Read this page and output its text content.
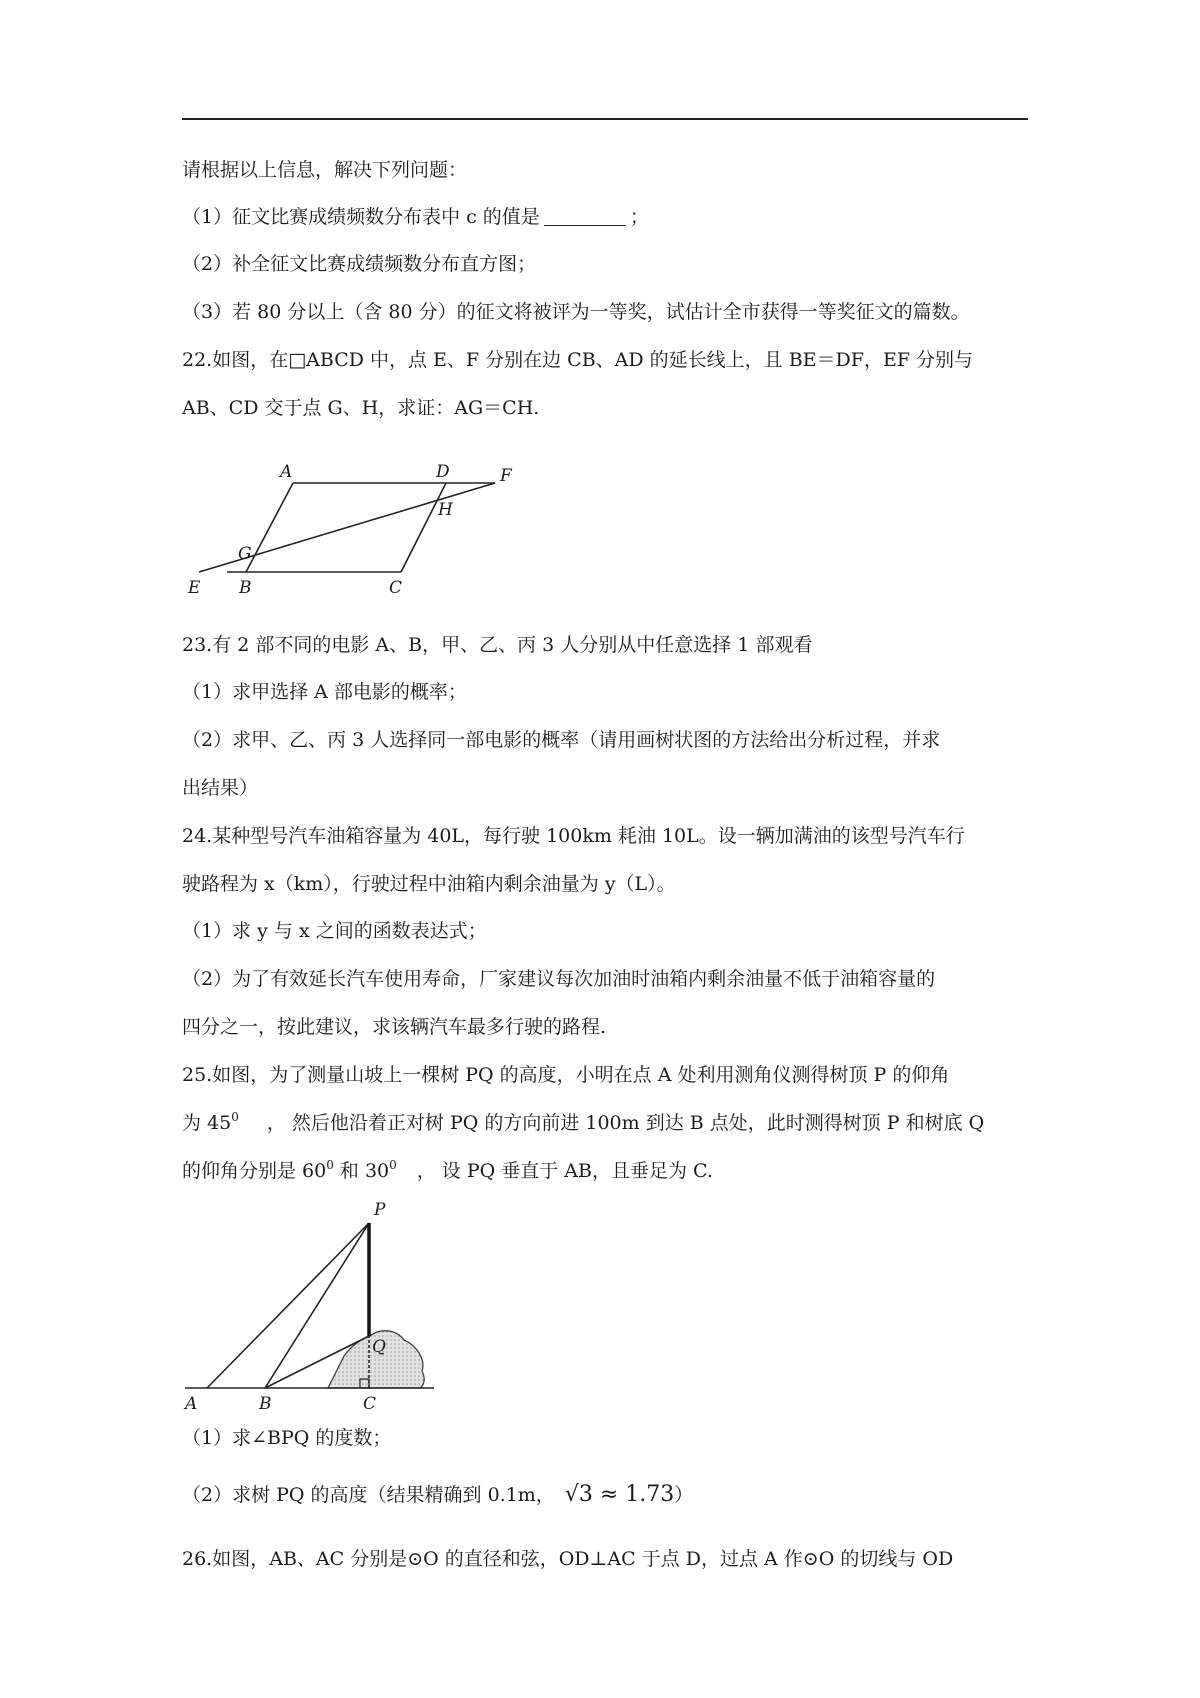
请根据以上信息，解决下列问题：
（1）征文比赛成绩频数分布表中 c 的值是	；
（2）补全征文比赛成绩频数分布直方图；
（3）若 80 分以上（含 80 分）的征文将被评为一等奖，试估计全市获得一等奖征文的篇数。
22.如图，在□ABCD 中，点 E、F 分别在边 CB、AD 的延长线上，且 BE＝DF，EF 分别与
AB、CD 交于点 G、H，求证：AG＝CH.
A	D	F
G
H
E B	C
23.有 2 部不同的电影 A、B，甲、乙、丙 3 人分别从中任意选择 1 部观看
（1）求甲选择 A 部电影的概率；
（2）求甲、乙、丙 3 人选择同一部电影的概率（请用画树状图的方法给出分析过程，并求
出结果）
24.某种型号汽车油箱容量为 40L，每行驶 100km 耗油 10L。设一辆加满油的该型号汽车行
驶路程为 x（km），行驶过程中油箱内剩余油量为 y（L）。
（1）求 y 与 x 之间的函数表达式；
（2）为了有效延长汽车使用寿命，厂家建议每次加油时油箱内剩余油量不低于油箱容量的
四分之一，按此建议，求该辆汽车最多行驶的路程.
25.如图，为了测量山坡上一棵树 PQ 的高度，小明在点 A 处利用测角仪测得树顶 P 的仰角
为 $45^0$ ， 然后他沿着正对树 PQ 的方向前进 100m 到达 B 点处，此时测得树顶 P 和树底 Q
的仰角分别是 $60^0$ 和 $30^0$ ， 设 PQ 垂直于 AB，且垂足为 C.
P
Q
A	B	C
（1）求∠BPQ 的度数；
（2）求树 PQ 的高度（结果精确到 0.1m， √3 ≈ 1.73）
26.如图，AB、AC 分别是⊙O 的直径和弦，OD⊥AC 于点 D，过点 A 作⊙O 的切线与 OD
